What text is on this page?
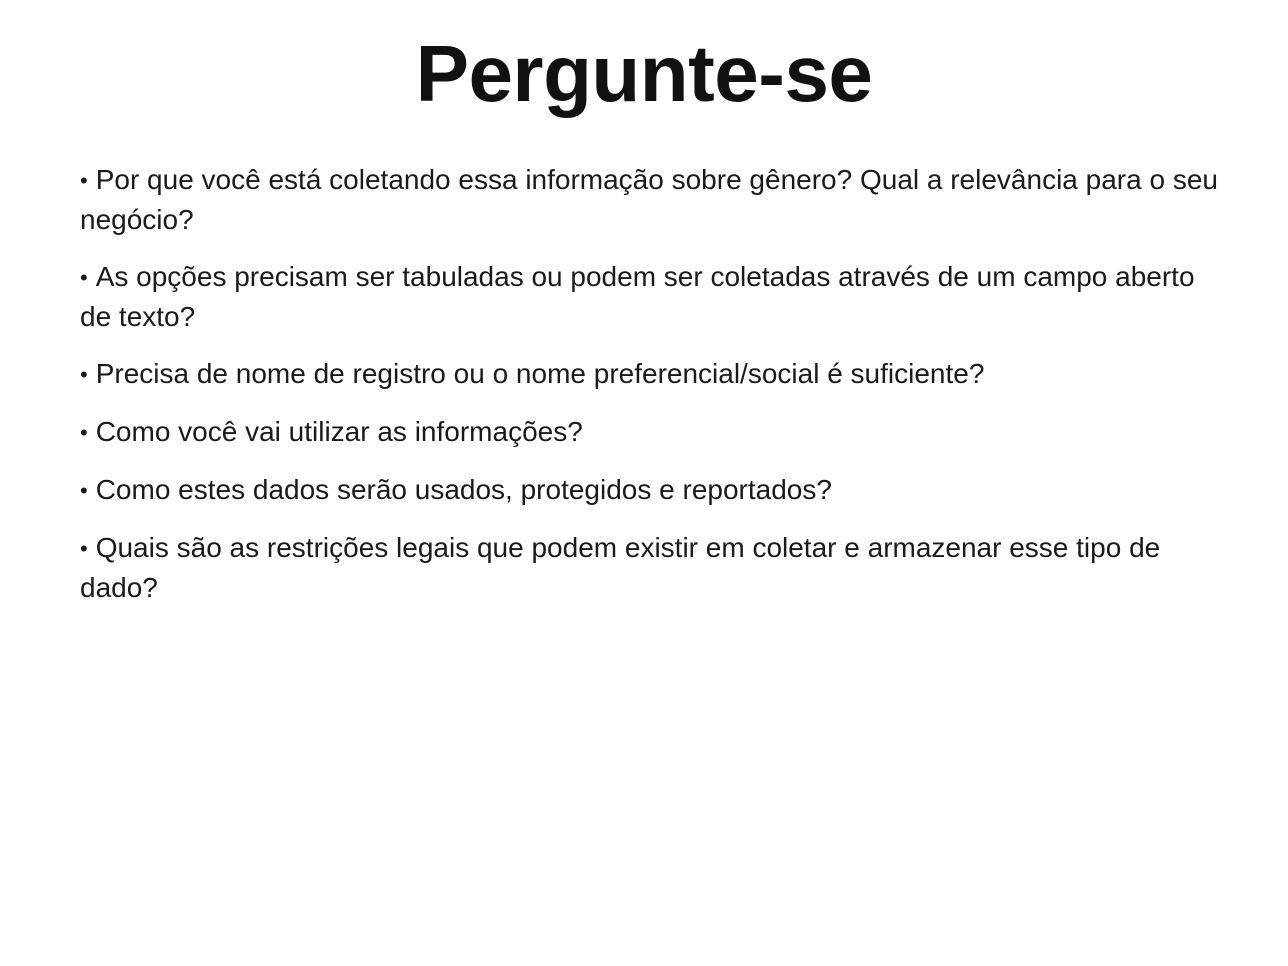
Pergunte-se
• Por que você está coletando essa informação sobre gênero? Qual a relevância para o seu negócio?
• As opções precisam ser tabuladas ou podem ser coletadas através de um campo aberto de texto?
• Precisa de nome de registro ou o nome preferencial/social é suficiente?
• Como você vai utilizar as informações?
• Como estes dados serão usados, protegidos e reportados?
• Quais são as restrições legais que podem existir em coletar e armazenar esse tipo de dado?
